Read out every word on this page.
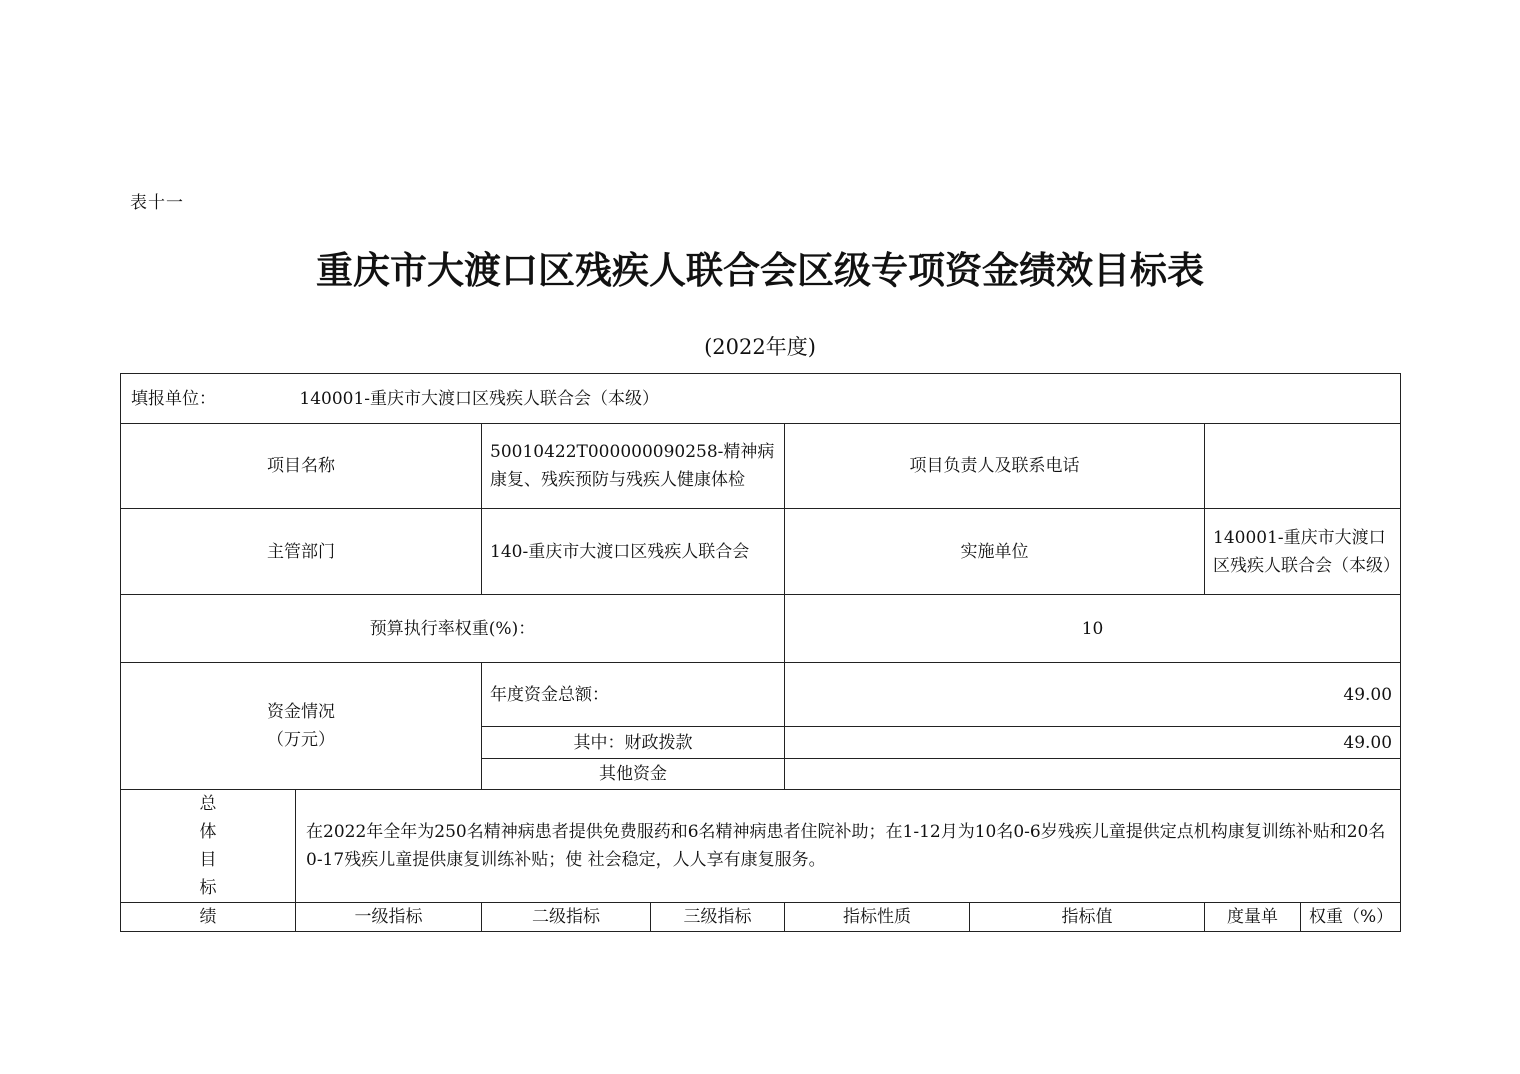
表十一
重庆市大渡口区残疾人联合会区级专项资金绩效目标表
(2022年度)
填报单位： 140001-重庆市大渡口区残疾人联合会（本级）							
项目名称		50010422T000000090258-精神病康复、残疾预防与残疾人健康体检		项目负责人及联系电话			
主管部门		140-重庆市大渡口区残疾人联合会		实施单位		140001-重庆市大渡口区残疾人联合会（本级）	
预算执行率权重(%)：				10			

资金情况
（万元）		年度资金总额：		49.00			
		其中：财政拨款		49.00			
		其他资金					

总
体
目
标	在2022年全年为250名精神病患者提供免费服药和6名精神病患者住院补助；在1-12月为10名0-6岁残疾儿童提供定点机构康复训练补贴和20名0-17残疾儿童提供康复训练补贴；使 社会稳定，人人享有康复服务。						
绩	一级指标	二级指标	三级指标	指标性质	指标值	度量单	权重（%）
